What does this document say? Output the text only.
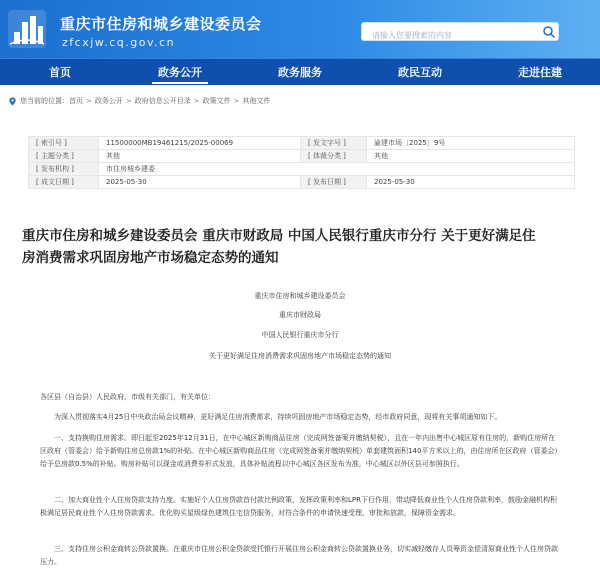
重庆市住房和城乡建设委员会
zfcxjw.cq.gov.cn
请输入您要搜索的内容
首页	政务公开	政务服务	政民互动	走进住建
您当前的位置： 首页 > 政务公开 > 政府信息公开目录 > 政策文件 > 其他文件
[ 索引号 ]	11500000MB19461215/2025-00069	[ 发文字号 ]	渝建市场〔2025〕9号
[ 主题分类 ]	其他	[ 体裁分类 ]	其他
[ 发布机构 ]	市住房城乡建委		
[ 成文日期 ]	2025-05-30	[ 发布日期 ]	2025-05-30
重庆市住房和城乡建设委员会 重庆市财政局 中国人民银行重庆市分行 关于更好满足住
房消费需求巩固房地产市场稳定态势的通知
重庆市住房和城乡建设委员会
重庆市财政局
中国人民银行重庆市分行
关于更好满足住房消费需求巩固房地产市场稳定态势的通知
各区县（自治县）人民政府，市级有关部门，有关单位：
为深入贯彻落实4月25日中央政治局会议精神，更好满足住房消费需求，持续巩固房地产市场稳定态势，经市政府同意，现将有关事项通知如下。
一、支持换购住房需求。即日起至2025年12月31日，在中心城区新购商品住房（完成网签备案并缴纳契税），且在一年内出售中心城区原有住房的，新购住房所在区政府（管委会）给予新购住房总房款1%的补贴。在中心城区新购商品住房（完成网签备案并缴纳契税）单套建筑面积140平方米以上的，由住房所在区政府（管委会）给予总房款0.5%的补贴。购房补贴可以现金或消费券形式发放，具体补贴流程以中心城区各区发布为准。中心城区以外区县可参照执行。
二、加大商业性个人住房贷款支持力度。实施好个人住房贷款首付款比例政策，发挥政策利率和LPR下行作用，带动降低商业性个人住房贷款利率，鼓励金融机构积极满足居民商业性个人住房贷款需求。优化购买星级绿色建筑住宅信贷服务，对符合条件的申请快速受理、审批和放款，保障资金需求。
三、支持住房公积金商转公贷款置换。在重庆市住房公积金贷款受托银行开展住房公积金商转公贷款置换业务，切实减轻缴存人员筹资金偿清原商业性个人住房贷款压力。
